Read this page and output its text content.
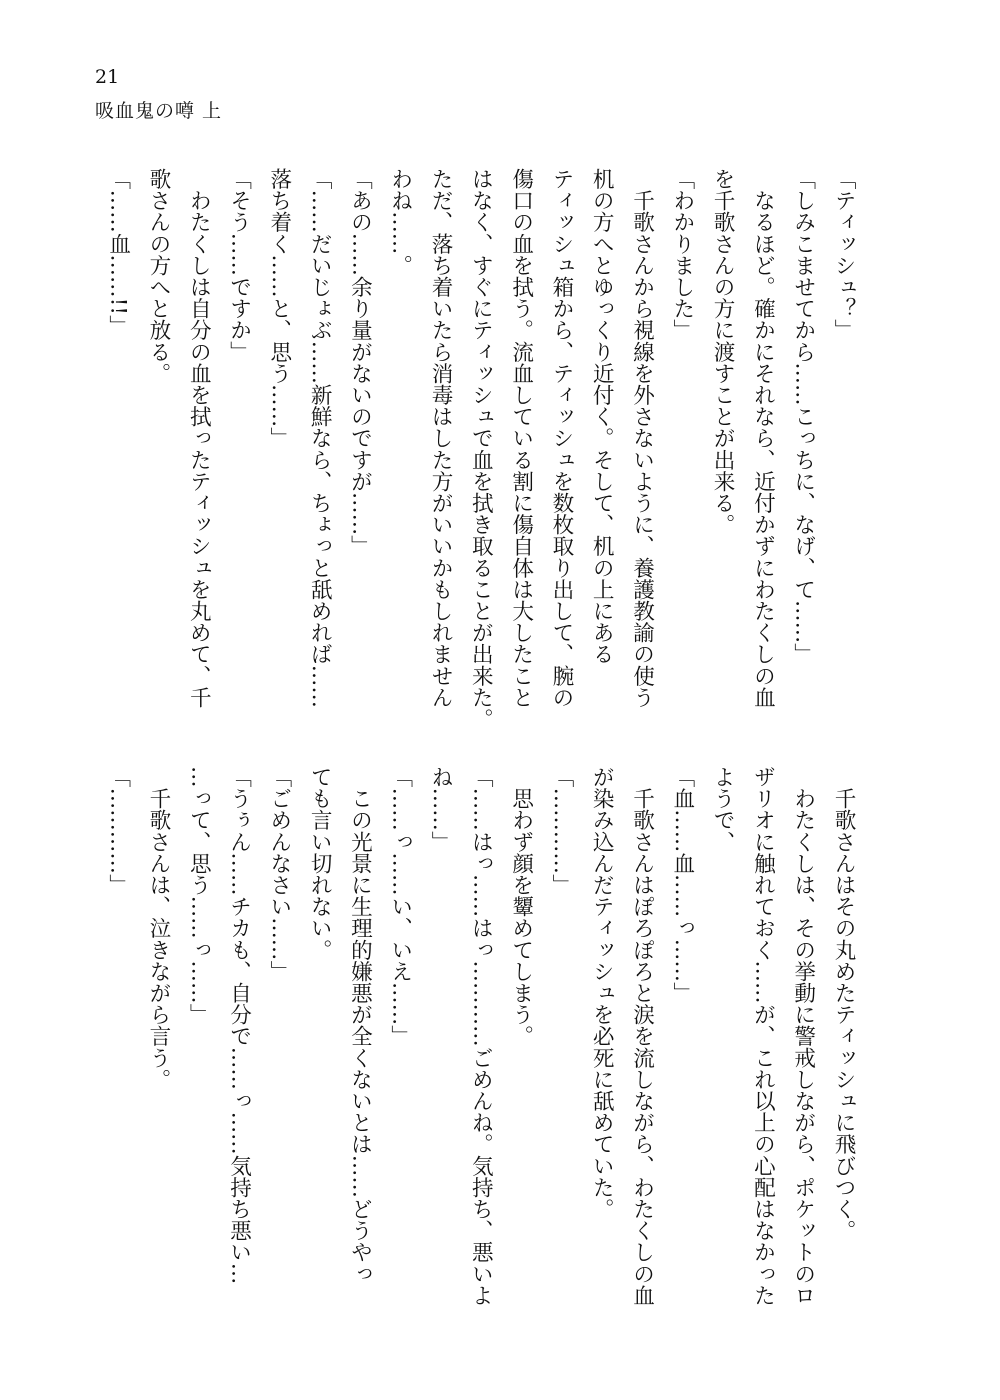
21
吸血鬼の噂 上
「ティッシュ？」
「しみこませてから……こっちに、なげ、て……」
　なるほど。確かにそれなら、近付かずにわたくしの血
を千歌さんの方に渡すことが出来る。
「わかりました」
　千歌さんから視線を外さないように、養護教諭の使う
机の方へとゆっくり近付く。そして、机の上にある
ティッシュ箱から、ティッシュを数枚取り出して、腕の
傷口の血を拭う。流血している割に傷自体は大したこと
はなく、すぐにティッシュで血を拭き取ることが出来た。
ただ、落ち着いたら消毒はした方がいいかもしれません
わね……。
「あの……余り量がないのですが……」
「……だいじょぶ……新鮮なら、ちょっと舐めれば……
落ち着く……と、思う……」
「そう……ですか」
　わたくしは自分の血を拭ったティッシュを丸めて、千
歌さんの方へと放る。
「……血……!!」
　千歌さんはその丸めたティッシュに飛びつく。
　わたくしは、その挙動に警戒しながら、ポケットのロ
ザリオに触れておく……が、これ以上の心配はなかった
ようで、
「血……血……っ……」
　千歌さんはぽろぽろと涙を流しながら、わたくしの血
が染み込んだティッシュを必死に舐めていた。
「…………」
　思わず顔を顰めてしまう。
「……はっ……はっ…………ごめんね。気持ち、悪いよ
ね……」
「……っ……い、いえ……」
　この光景に生理的嫌悪が全くないとは……どうやっ
ても言い切れない。
「ごめんなさい……」
「うぅん……チカも、自分で……っ……気持ち悪い…
…って、思う……っ……」
　千歌さんは、泣きながら言う。
「…………」
